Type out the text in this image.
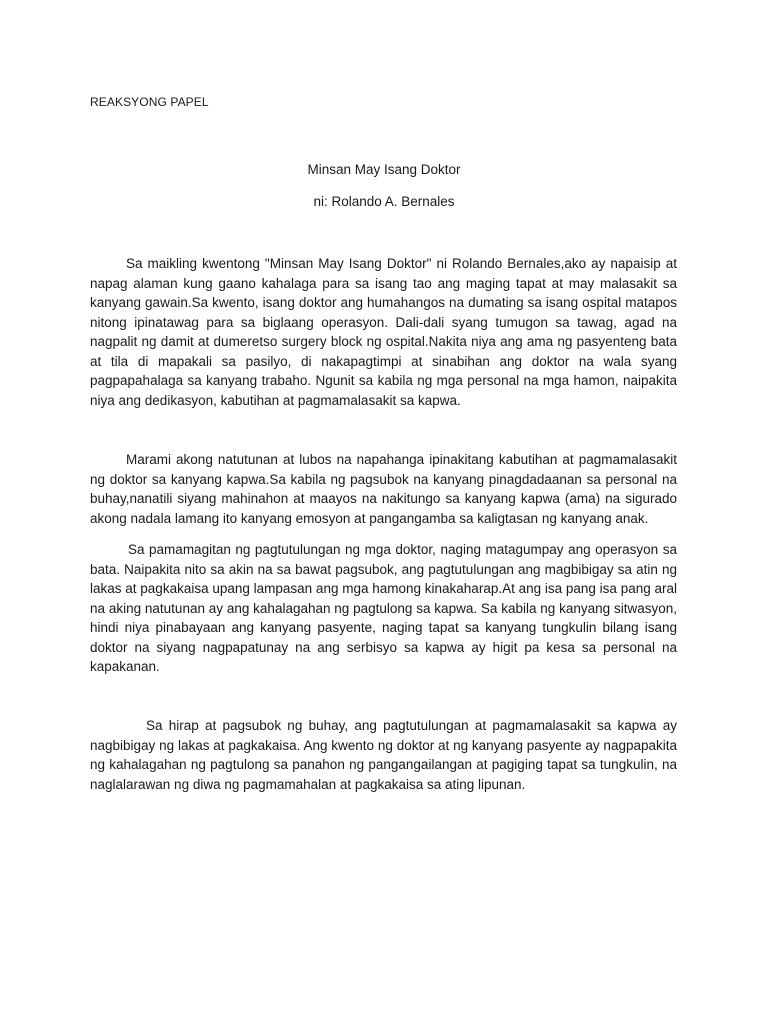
REAKSYONG PAPEL

Minsan May Isang Doktor

ni: Rolando A. Bernales

Sa maikling kwentong "Minsan May Isang Doktor" ni Rolando Bernales,ako ay napaisip at napag alaman kung gaano kahalaga para sa isang tao ang maging tapat at may malasakit sa kanyang gawain.Sa kwento, isang doktor ang humahangos na dumating sa isang ospital matapos nitong ipinatawag para sa biglaang operasyon. Dali-dali syang tumugon sa tawag, agad na nagpalit ng damit at dumeretso surgery block ng ospital.Nakita niya ang ama ng pasyenteng bata at tila di mapakali sa pasilyo, di nakapagtimpi at sinabihan ang doktor na wala syang pagpapahalaga sa kanyang trabaho. Ngunit sa kabila ng mga personal na mga hamon, naipakita niya ang dedikasyon, kabutihan at pagmamalasakit sa kapwa.

Marami akong natutunan at lubos na napahanga ipinakitang kabutihan at pagmamalasakit ng doktor sa kanyang kapwa.Sa kabila ng pagsubok na kanyang pinagdadaanan sa personal na buhay,nanatili siyang mahinahon at maayos na nakitungo sa kanyang kapwa (ama) na sigurado akong nadala lamang ito kanyang emosyon at pangangamba sa kaligtasan ng kanyang anak.

Sa pamamagitan ng pagtutulungan ng mga doktor, naging matagumpay ang operasyon sa bata. Naipakita nito sa akin na sa bawat pagsubok, ang pagtutulungan ang magbibigay sa atin ng lakas at pagkakaisa upang lampasan ang mga hamong kinakaharap.At ang isa pang isa pang aral na aking natutunan ay ang kahalagahan ng pagtulong sa kapwa. Sa kabila ng kanyang sitwasyon, hindi niya pinabayaan ang kanyang pasyente, naging tapat sa kanyang tungkulin bilang isang doktor na siyang nagpapatunay na ang serbisyo sa kapwa ay higit pa kesa sa personal na kapakanan.

Sa hirap at pagsubok ng buhay, ang pagtutulungan at pagmamalasakit sa kapwa ay nagbibigay ng lakas at pagkakaisa. Ang kwento ng doktor at ng kanyang pasyente ay nagpapakita ng kahalagahan ng pagtulong sa panahon ng pangangailangan at pagiging tapat sa tungkulin, na naglalarawan ng diwa ng pagmamahalan at pagkakaisa sa ating lipunan.
